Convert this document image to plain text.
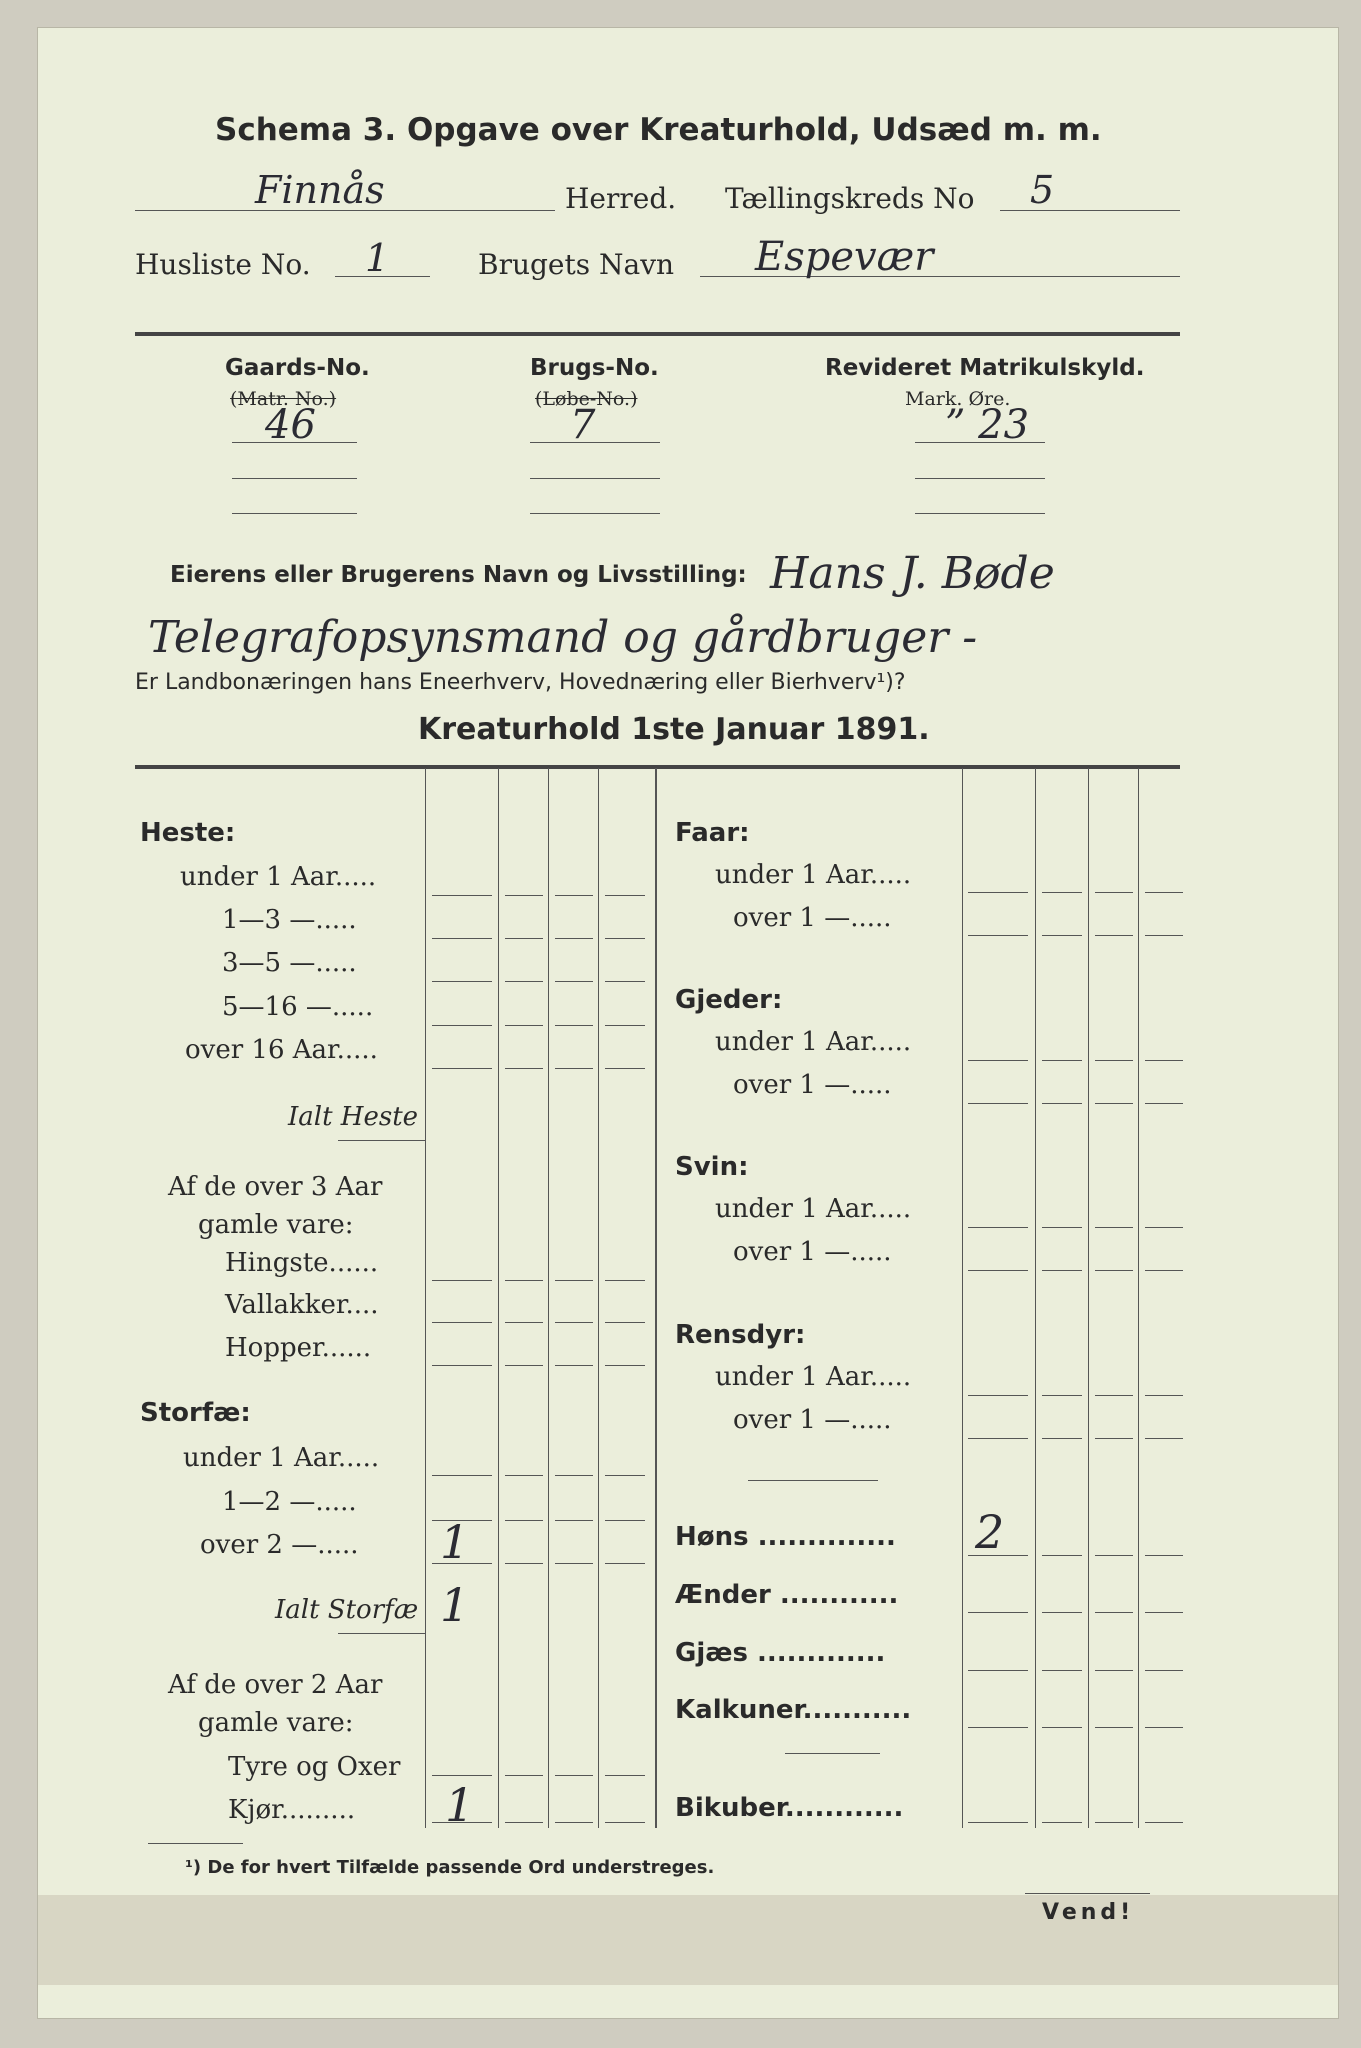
Schema 3. Opgave over Kreaturhold, Udsæd m. m.
Finnås	Herred. Tællingskreds No 5
Husliste No. 1	Brugets Navn Espevær
Gaards-No.
(Matr. No.)
46
Brugs-No.
(Løbe-No.)
7
Revideret Matrikulskyld.
Mark. Øre.
” 23
Eierens eller Brugerens Navn og Livsstilling: Hans J. Bøde
Telegrafopsynsmand og gårdbruger -
Er Landbonæringen hans Eneerhverv, Hovednæring eller Bierhverv¹)?
Kreaturhold 1ste Januar 1891.
Heste:
under 1 Aar.....
1—3 —.....
3—5 —.....
5—16 —.....
over 16 Aar.....
Ialt Heste
Af de over 3 Aar
gamle vare:
Hingste......
Vallakker....
Hopper......
Storfæ:
under 1 Aar.....
1—2 —.....
over 2 —..... 1
Ialt Storfæ 1
Af de over 2 Aar
gamle vare:
Tyre og Oxer
Kjør......... 1
Faar:
under 1 Aar.....
over 1 —.....
Gjeder:
under 1 Aar.....
over 1 —.....
Svin:
under 1 Aar.....
over 1 —.....
Rensdyr:
under 1 Aar.....
over 1 —.....
Høns .............. 2
Ænder ............
Gjæs .............
Kalkuner...........
Bikuber............
¹) De for hvert Tilfælde passende Ord understreges.
Vend!
